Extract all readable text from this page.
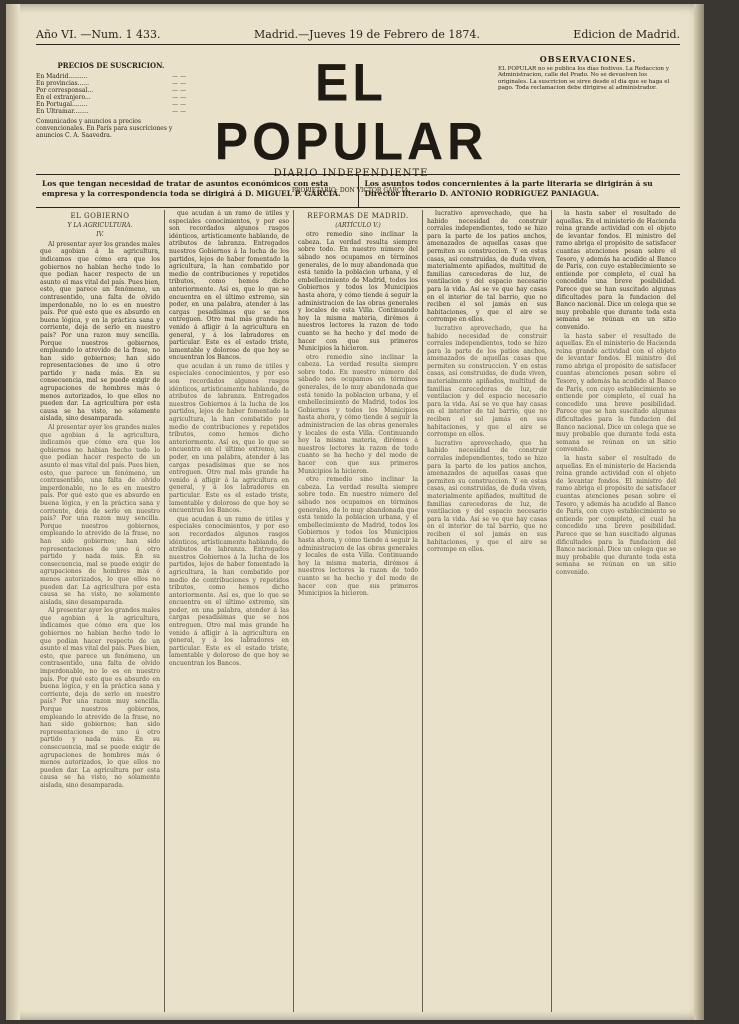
Año VI. —Num. 1 433.	Madrid.—Jueves 19 de Febrero de 1874.	Edicion de Madrid.
PRECIOS DE SUSCRICION.
En Madrid..........	— —
En provincias......	— —
Por corresponsal...	— —
En el extranjero...	— —
En Portugal........	— —
En Ultramar........	— —
Comunicados y anuncios a precios convencionales. En París para suscriciones y anuncios C. A. Saavedra.
EL POPULAR
DIARIO INDEPENDIENTE
PROPIETARIO: DON VICTOR GARCÍA.
OBSERVACIONES.
EL POPULAR no se publica los días festivos. La Redaccion y Administracion, calle del Prado. No se devuelven los originales. La suscricion se sirve desde el dia que se haga el pago. Toda reclamacion debe dirigirse al administrador.
Los que tengan necesidad de tratar de asuntos económicos con esta empresa y la correspondencia toda se dirigirá á D. MIGUEL P. GARCIA.
Los asuntos todos concernientes á la parte literaria se dirigirán á su Director literario D. ANTONIO RODRIGUEZ PANIAGUA.
EL GOBIERNO
Y LA AGRICULTURA.
IV.

Al presentar ayer los grandes males que agobian á la agricultura, indicamos que cómo era que los gobiernos no habian hecho todo lo que podian hacer respecto de un asunto el mas vital del país. Pues bien, esto, que parece un fenómeno, un contrasentido, una falta de olvido imperdonable, no lo es en nuestro país. Por qué esto que es absurdo en buena lógica, y en la práctica sana y corriente, deja de serlo en nuestro país? Por una razon muy sencilla. Porque nuestros gobiernos, empleando lo atrevido de la frase, no han sido gobiernos; han sido representaciones de uno ú otro partido y nada más. En su consecuencia, mal se puede exigir de agrupaciones de hombres más ó menos autorizados, lo que ellos no pueden dar. La agricultura por esta causa se ha visto, no solamente aislada, sino desamparada.

Al presentar ayer los grandes males que agobian á la agricultura, indicamos que cómo era que los gobiernos no habian hecho todo lo que podian hacer respecto de un asunto el mas vital del país. Pues bien, esto, que parece un fenómeno, un contrasentido, una falta de olvido imperdonable, no lo es en nuestro país. Por qué esto que es absurdo en buena lógica, y en la práctica sana y corriente, deja de serlo en nuestro país? Por una razon muy sencilla. Porque nuestros gobiernos, empleando lo atrevido de la frase, no han sido gobiernos; han sido representaciones de uno ú otro partido y nada más. En su consecuencia, mal se puede exigir de agrupaciones de hombres más ó menos autorizados, lo que ellos no pueden dar. La agricultura por esta causa se ha visto, no solamente aislada, sino desamparada.

Al presentar ayer los grandes males que agobian á la agricultura, indicamos que cómo era que los gobiernos no habian hecho todo lo que podian hacer respecto de un asunto el mas vital del país. Pues bien, esto, que parece un fenómeno, un contrasentido, una falta de olvido imperdonable, no lo es en nuestro país. Por qué esto que es absurdo en buena lógica, y en la práctica sana y corriente, deja de serlo en nuestro país? Por una razon muy sencilla. Porque nuestros gobiernos, empleando lo atrevido de la frase, no han sido gobiernos; han sido representaciones de uno ú otro partido y nada más. En su consecuencia, mal se puede exigir de agrupaciones de hombres más ó menos autorizados, lo que ellos no pueden dar. La agricultura por esta causa se ha visto, no solamente aislada, sino desamparada.

que acudan á un ramo de útiles y especiales conocimientos, y por eso son recordados algunos rasgos idénticos, artísticamente hablando, de atributos de labranza. Entregados nuestros Gobiernos á la lucha de los partidos, lejos de haber fomentado la agricultura, la han combatido por medio de contribuciones y repetidos tributos, como hemos dicho anteriormente. Así es, que lo que se encuentra en el último extremo, sin poder, en una palabra, atender á las cargas pesadísimas que se nos entreguen. Otro mal más grande ha venido á afligir á la agricultura en general, y á los labradores en particular. Este es el estado triste, lamentable y doloroso de que hoy se encuentran los Bancos.

que acudan á un ramo de útiles y especiales conocimientos, y por eso son recordados algunos rasgos idénticos, artísticamente hablando, de atributos de labranza. Entregados nuestros Gobiernos á la lucha de los partidos, lejos de haber fomentado la agricultura, la han combatido por medio de contribuciones y repetidos tributos, como hemos dicho anteriormente. Así es, que lo que se encuentra en el último extremo, sin poder, en una palabra, atender á las cargas pesadísimas que se nos entreguen. Otro mal más grande ha venido á afligir á la agricultura en general, y á los labradores en particular. Este es el estado triste, lamentable y doloroso de que hoy se encuentran los Bancos.

que acudan á un ramo de útiles y especiales conocimientos, y por eso son recordados algunos rasgos idénticos, artísticamente hablando, de atributos de labranza. Entregados nuestros Gobiernos á la lucha de los partidos, lejos de haber fomentado la agricultura, la han combatido por medio de contribuciones y repetidos tributos, como hemos dicho anteriormente. Así es, que lo que se encuentra en el último extremo, sin poder, en una palabra, atender á las cargas pesadísimas que se nos entreguen. Otro mal más grande ha venido á afligir á la agricultura en general, y á los labradores en particular. Este es el estado triste, lamentable y doloroso de que hoy se encuentran los Bancos.

REFORMAS DE MADRID.
(ARTÍCULO V.)

otro remedio sino inclinar la cabeza. La verdad resulta siempre sobre todo. En nuestro número del sábado nos ocupamos en términos generales, de lo muy abandonada que está tenido la poblacion urbana, y el embellecimiento de Madrid, todos los Gobiernos y todos los Municipios hasta ahora, y cómo tiende á seguir la administracion de las obras generales y locales de esta Villa. Continuando hoy la misma materia, dirémos á nuestros lectores la razon de todo cuanto se ha hecho y del modo de hacer con que sus primeros Municipios la hicieron.

otro remedio sino inclinar la cabeza. La verdad resulta siempre sobre todo. En nuestro número del sábado nos ocupamos en términos generales, de lo muy abandonada que está tenido la poblacion urbana, y el embellecimiento de Madrid, todos los Gobiernos y todos los Municipios hasta ahora, y cómo tiende á seguir la administracion de las obras generales y locales de esta Villa. Continuando hoy la misma materia, dirémos á nuestros lectores la razon de todo cuanto se ha hecho y del modo de hacer con que sus primeros Municipios la hicieron.

otro remedio sino inclinar la cabeza. La verdad resulta siempre sobre todo. En nuestro número del sábado nos ocupamos en términos generales, de lo muy abandonada que está tenido la poblacion urbana, y el embellecimiento de Madrid, todos los Gobiernos y todos los Municipios hasta ahora, y cómo tiende á seguir la administracion de las obras generales y locales de esta Villa. Continuando hoy la misma materia, dirémos á nuestros lectores la razon de todo cuanto se ha hecho y del modo de hacer con que sus primeros Municipios la hicieron.

lucrativo aprovechado, que ha habido necesidad de construir corrales independientes, todo se hizo para la parte de los patios anchos, amenazados de aquellas casas que permiten su construccion. Y en estas casas, así construidas, de duda viven, materialmente apiñados, multitud de familias carecedoras de luz, de ventilacion y del espacio necesario para la vida. Así se ve que hay casas en el interior de tal barrio, que no reciben el sol jamás en sus habitaciones, y que el aire se corrompe en ellos.

lucrativo aprovechado, que ha habido necesidad de construir corrales independientes, todo se hizo para la parte de los patios anchos, amenazados de aquellas casas que permiten su construccion. Y en estas casas, así construidas, de duda viven, materialmente apiñados, multitud de familias carecedoras de luz, de ventilacion y del espacio necesario para la vida. Así se ve que hay casas en el interior de tal barrio, que no reciben el sol jamás en sus habitaciones, y que el aire se corrompe en ellos.

lucrativo aprovechado, que ha habido necesidad de construir corrales independientes, todo se hizo para la parte de los patios anchos, amenazados de aquellas casas que permiten su construccion. Y en estas casas, así construidas, de duda viven, materialmente apiñados, multitud de familias carecedoras de luz, de ventilacion y del espacio necesario para la vida. Así se ve que hay casas en el interior de tal barrio, que no reciben el sol jamás en sus habitaciones, y que el aire se corrompe en ellos.

la hasta saber el resultado de aquellas. En el ministerio de Hacienda reina grande actividad con el objeto de levantar fondos. El ministro del ramo abriga el propósito de satisfacer cuantas atenciones pesan sobre el Tesoro, y además ha acudido al Banco de París, con cuyo establecimiento se entiende por completo, el cual ha concedido una breve posibilidad. Parece que se han suscitado algunas dificultades para la fundacion del Banco nacional. Dice un colega que se muy probable que durante toda esta semana se reúnan en un sitio convenido.

la hasta saber el resultado de aquellas. En el ministerio de Hacienda reina grande actividad con el objeto de levantar fondos. El ministro del ramo abriga el propósito de satisfacer cuantas atenciones pesan sobre el Tesoro, y además ha acudido al Banco de París, con cuyo establecimiento se entiende por completo, el cual ha concedido una breve posibilidad. Parece que se han suscitado algunas dificultades para la fundacion del Banco nacional. Dice un colega que se muy probable que durante toda esta semana se reúnan en un sitio convenido.

la hasta saber el resultado de aquellas. En el ministerio de Hacienda reina grande actividad con el objeto de levantar fondos. El ministro del ramo abriga el propósito de satisfacer cuantas atenciones pesan sobre el Tesoro, y además ha acudido al Banco de París, con cuyo establecimiento se entiende por completo, el cual ha concedido una breve posibilidad. Parece que se han suscitado algunas dificultades para la fundacion del Banco nacional. Dice un colega que se muy probable que durante toda esta semana se reúnan en un sitio convenido.
